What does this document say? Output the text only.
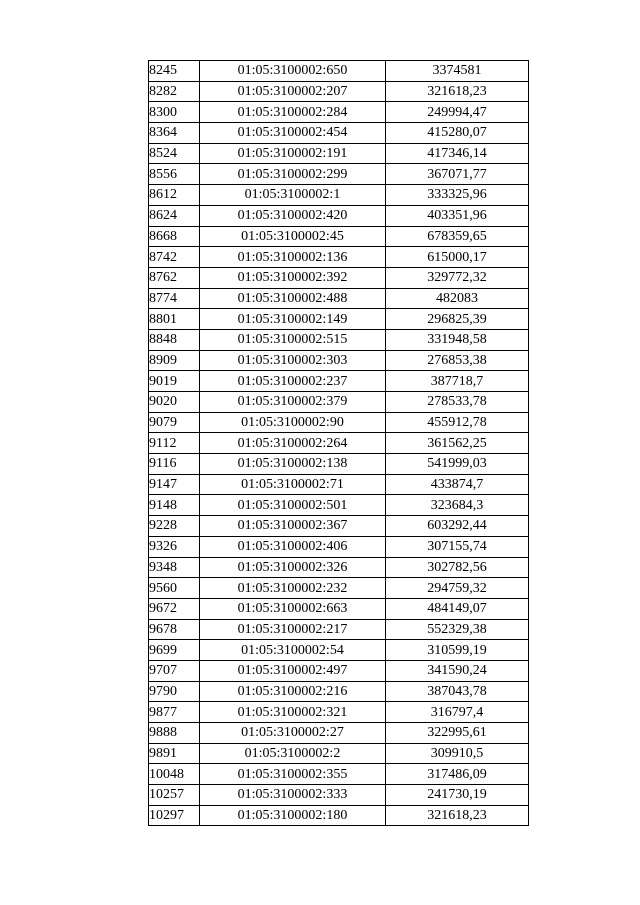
8245	01:05:3100002:650	3374581
8282	01:05:3100002:207	321618,23
8300	01:05:3100002:284	249994,47
8364	01:05:3100002:454	415280,07
8524	01:05:3100002:191	417346,14
8556	01:05:3100002:299	367071,77
8612	01:05:3100002:1	333325,96
8624	01:05:3100002:420	403351,96
8668	01:05:3100002:45	678359,65
8742	01:05:3100002:136	615000,17
8762	01:05:3100002:392	329772,32
8774	01:05:3100002:488	482083
8801	01:05:3100002:149	296825,39
8848	01:05:3100002:515	331948,58
8909	01:05:3100002:303	276853,38
9019	01:05:3100002:237	387718,7
9020	01:05:3100002:379	278533,78
9079	01:05:3100002:90	455912,78
9112	01:05:3100002:264	361562,25
9116	01:05:3100002:138	541999,03
9147	01:05:3100002:71	433874,7
9148	01:05:3100002:501	323684,3
9228	01:05:3100002:367	603292,44
9326	01:05:3100002:406	307155,74
9348	01:05:3100002:326	302782,56
9560	01:05:3100002:232	294759,32
9672	01:05:3100002:663	484149,07
9678	01:05:3100002:217	552329,38
9699	01:05:3100002:54	310599,19
9707	01:05:3100002:497	341590,24
9790	01:05:3100002:216	387043,78
9877	01:05:3100002:321	316797,4
9888	01:05:3100002:27	322995,61
9891	01:05:3100002:2	309910,5
10048	01:05:3100002:355	317486,09
10257	01:05:3100002:333	241730,19
10297	01:05:3100002:180	321618,23
